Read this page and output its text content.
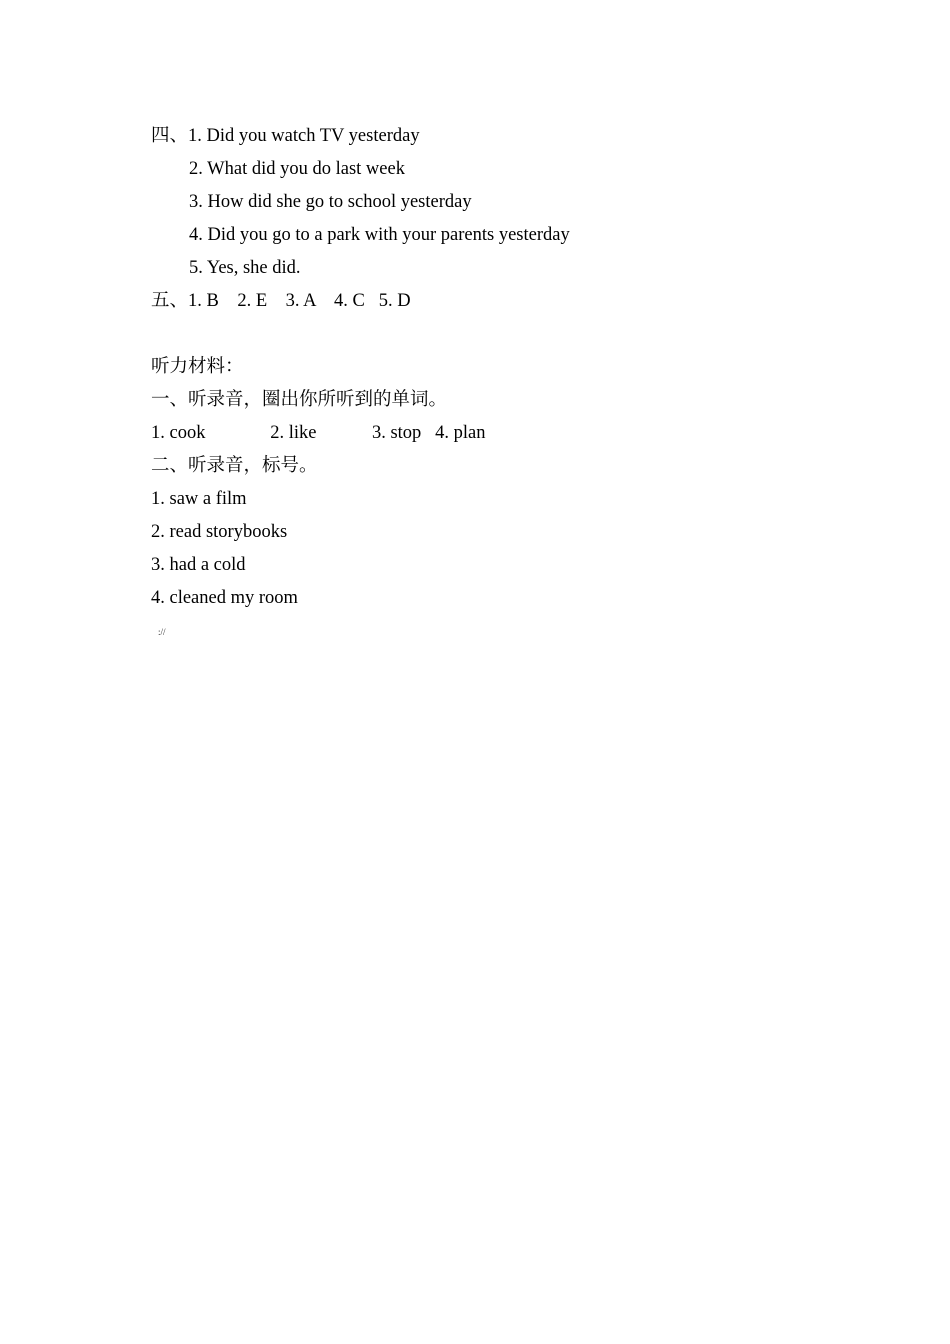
四、1. Did you watch TV yesterday
2. What did you do last week
3. How did she go to school yesterday
4. Did you go to a park with your parents yesterday
5. Yes, she did.
五、1. B    2. E    3. A    4. C   5. D
听力材料：
一、听录音，圈出你所听到的单词。
1. cook              2. like            3. stop   4. plan
二、听录音，标号。
1. saw a film
2. read storybooks
3. had a cold
4. cleaned my room
://
